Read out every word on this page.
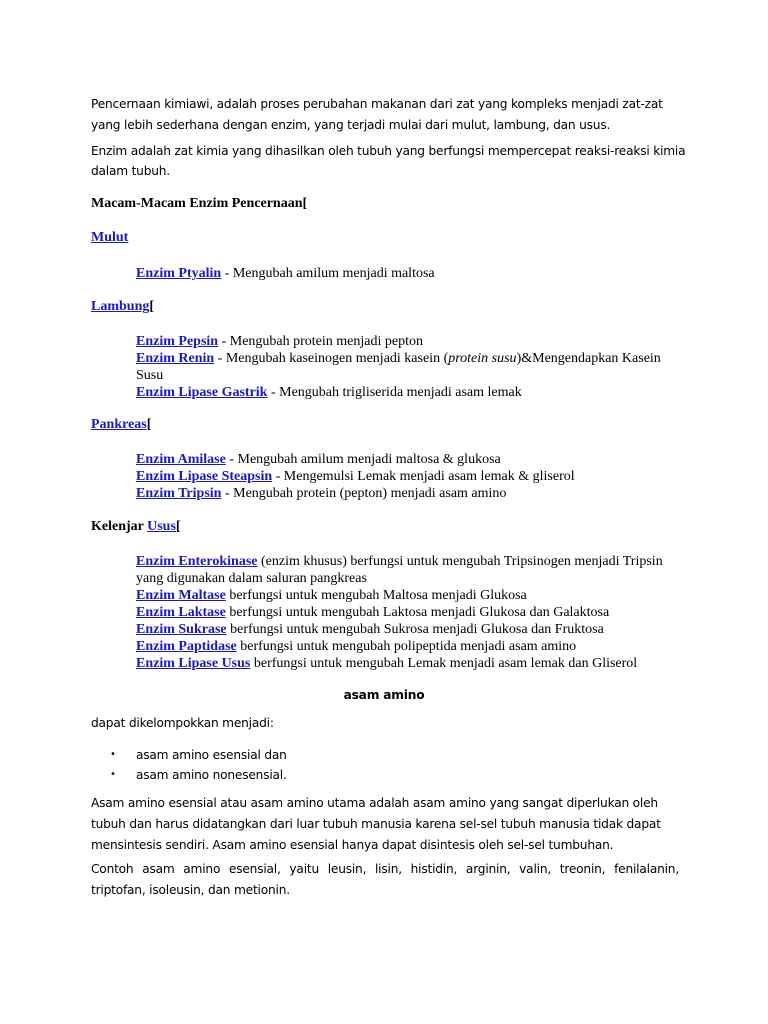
Pencernaan kimiawi, adalah proses perubahan makanan dari zat yang kompleks menjadi zat-zat yang lebih sederhana dengan enzim, yang terjadi mulai dari mulut, lambung, dan usus.
Enzim adalah zat kimia yang dihasilkan oleh tubuh yang berfungsi mempercepat reaksi-reaksi kimia dalam tubuh.
Macam-Macam Enzim Pencernaan[
Mulut
Enzim Ptyalin - Mengubah amilum menjadi maltosa
Lambung[
Enzim Pepsin - Mengubah protein menjadi pepton
Enzim Renin - Mengubah kaseinogen menjadi kasein (protein susu)&Mengendapkan Kasein Susu
Enzim Lipase Gastrik - Mengubah trigliserida menjadi asam lemak
Pankreas[
Enzim Amilase - Mengubah amilum menjadi maltosa & glukosa
Enzim Lipase Steapsin - Mengemulsi Lemak menjadi asam lemak & gliserol
Enzim Tripsin - Mengubah protein (pepton) menjadi asam amino
Kelenjar Usus[
Enzim Enterokinase (enzim khusus) berfungsi untuk mengubah Tripsinogen menjadi Tripsin yang digunakan dalam saluran pangkreas
Enzim Maltase berfungsi untuk mengubah Maltosa menjadi Glukosa
Enzim Laktase berfungsi untuk mengubah Laktosa menjadi Glukosa dan Galaktosa
Enzim Sukrase berfungsi untuk mengubah Sukrosa menjadi Glukosa dan Fruktosa
Enzim Paptidase berfungsi untuk mengubah polipeptida menjadi asam amino
Enzim Lipase Usus berfungsi untuk mengubah Lemak menjadi asam lemak dan Gliserol
asam amino
dapat dikelompokkan menjadi:
• asam amino esensial dan
• asam amino nonesensial.
Asam amino esensial atau asam amino utama adalah asam amino yang sangat diperlukan oleh tubuh dan harus didatangkan dari luar tubuh manusia karena sel-sel tubuh manusia tidak dapat mensintesis sendiri. Asam amino esensial hanya dapat disintesis oleh sel-sel tumbuhan.
Contoh asam amino esensial, yaitu leusin, lisin, histidin, arginin, valin, treonin, fenilalanin, triptofan, isoleusin, dan metionin.
